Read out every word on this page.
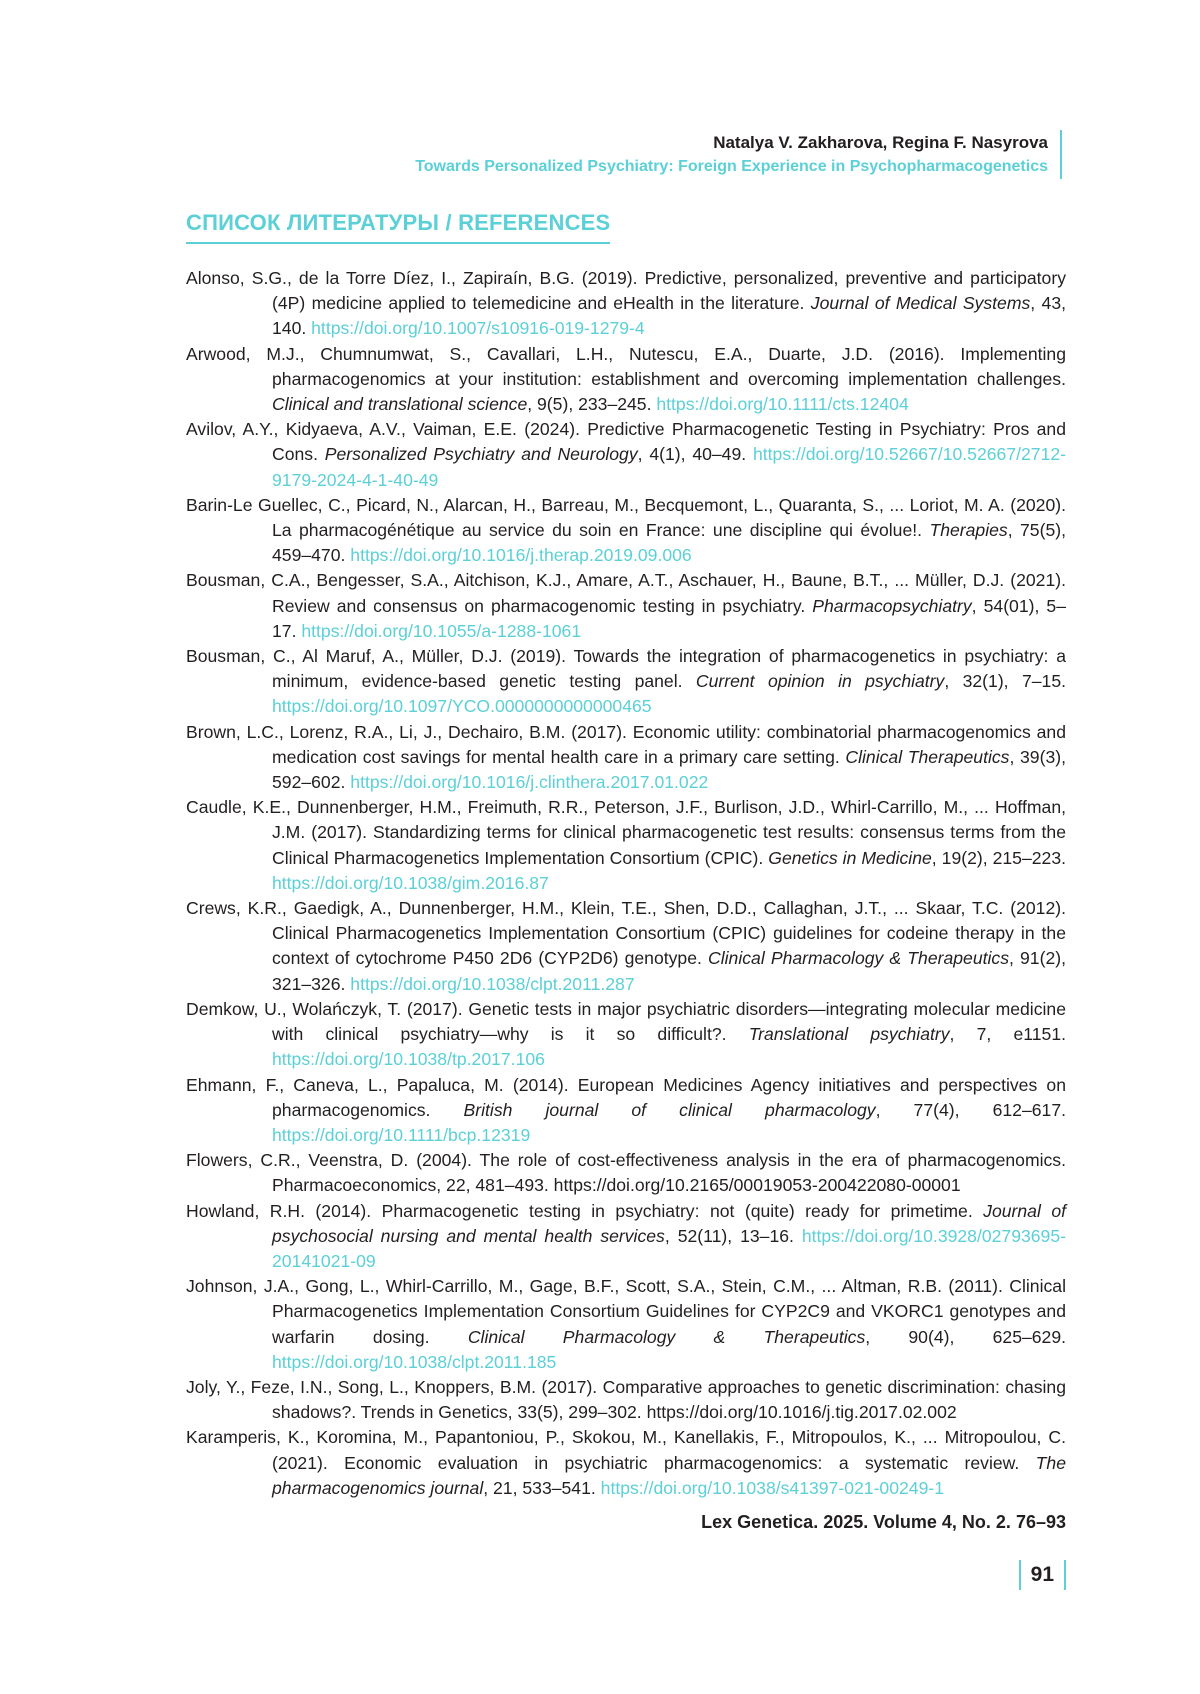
Natalya V. Zakharova, Regina F. Nasyrova
Towards Personalized Psychiatry: Foreign Experience in Psychopharmacogenetics
СПИСОК ЛИТЕРАТУРЫ / REFERENCES

Alonso, S.G., de la Torre Díez, I., Zapiraín, B.G. (2019). Predictive, personalized, preventive and participatory (4P) medicine applied to telemedicine and eHealth in the literature. Journal of Medical Systems, 43, 140. https://doi.org/10.1007/s10916-019-1279-4

Arwood, M.J., Chumnumwat, S., Cavallari, L.H., Nutescu, E.A., Duarte, J.D. (2016). Implementing pharmacogenomics at your institution: establishment and overcoming implementation challenges. Clinical and translational science, 9(5), 233–245. https://doi.org/10.1111/cts.12404

Avilov, A.Y., Kidyaeva, A.V., Vaiman, E.E. (2024). Predictive Pharmacogenetic Testing in Psychiatry: Pros and Cons. Personalized Psychiatry and Neurology, 4(1), 40–49. https://doi.org/10.52667/10.52667/2712-9179-2024-4-1-40-49

Barin-Le Guellec, C., Picard, N., Alarcan, H., Barreau, M., Becquemont, L., Quaranta, S., ... Loriot, M. A. (2020). La pharmacogénétique au service du soin en France: une discipline qui évolue!. Therapies, 75(5), 459–470. https://doi.org/10.1016/j.therap.2019.09.006

Bousman, C.A., Bengesser, S.A., Aitchison, K.J., Amare, A.T., Aschauer, H., Baune, B.T., ... Müller, D.J. (2021). Review and consensus on pharmacogenomic testing in psychiatry. Pharmacopsychiatry, 54(01), 5–17. https://doi.org/10.1055/a-1288-1061

Bousman, C., Al Maruf, A., Müller, D.J. (2019). Towards the integration of pharmacogenetics in psychiatry: a minimum, evidence-based genetic testing panel. Current opinion in psychiatry, 32(1), 7–15. https://doi.org/10.1097/YCO.0000000000000465

Brown, L.C., Lorenz, R.A., Li, J., Dechairo, B.M. (2017). Economic utility: combinatorial pharmacogenomics and medication cost savings for mental health care in a primary care setting. Clinical Therapeutics, 39(3), 592–602. https://doi.org/10.1016/j.clinthera.2017.01.022

Caudle, K.E., Dunnenberger, H.M., Freimuth, R.R., Peterson, J.F., Burlison, J.D., Whirl-Carrillo, M., ... Hoffman, J.M. (2017). Standardizing terms for clinical pharmacogenetic test results: consensus terms from the Clinical Pharmacogenetics Implementation Consortium (CPIC). Genetics in Medicine, 19(2), 215–223. https://doi.org/10.1038/gim.2016.87

Crews, K.R., Gaedigk, A., Dunnenberger, H.M., Klein, T.E., Shen, D.D., Callaghan, J.T., ... Skaar, T.C. (2012). Clinical Pharmacogenetics Implementation Consortium (CPIC) guidelines for codeine therapy in the context of cytochrome P450 2D6 (CYP2D6) genotype. Clinical Pharmacology & Therapeutics, 91(2), 321–326. https://doi.org/10.1038/clpt.2011.287

Demkow, U., Wolańczyk, T. (2017). Genetic tests in major psychiatric disorders—integrating molecular medicine with clinical psychiatry—why is it so difficult?. Translational psychiatry, 7, e1151. https://doi.org/10.1038/tp.2017.106

Ehmann, F., Caneva, L., Papaluca, M. (2014). European Medicines Agency initiatives and perspectives on pharmacogenomics. British journal of clinical pharmacology, 77(4), 612–617. https://doi.org/10.1111/bcp.12319

Flowers, C.R., Veenstra, D. (2004). The role of cost-effectiveness analysis in the era of pharmacogenomics. Pharmacoeconomics, 22, 481–493. https://doi.org/10.2165/00019053-200422080-00001

Howland, R.H. (2014). Pharmacogenetic testing in psychiatry: not (quite) ready for primetime. Journal of psychosocial nursing and mental health services, 52(11), 13–16. https://doi.org/10.3928/02793695-20141021-09

Johnson, J.A., Gong, L., Whirl-Carrillo, M., Gage, B.F., Scott, S.A., Stein, C.M., ... Altman, R.B. (2011). Clinical Pharmacogenetics Implementation Consortium Guidelines for CYP2C9 and VKORC1 genotypes and warfarin dosing. Clinical Pharmacology & Therapeutics, 90(4), 625–629. https://doi.org/10.1038/clpt.2011.185

Joly, Y., Feze, I.N., Song, L., Knoppers, B.M. (2017). Comparative approaches to genetic discrimination: chasing shadows?. Trends in Genetics, 33(5), 299–302. https://doi.org/10.1016/j.tig.2017.02.002

Karamperis, K., Koromina, M., Papantoniou, P., Skokou, M., Kanellakis, F., Mitropoulos, K., ... Mitropoulou, C. (2021). Economic evaluation in psychiatric pharmacogenomics: a systematic review. The pharmacogenomics journal, 21, 533–541. https://doi.org/10.1038/s41397-021-00249-1

Lex Genetica. 2025. Volume 4, No. 2. 76–93
91
